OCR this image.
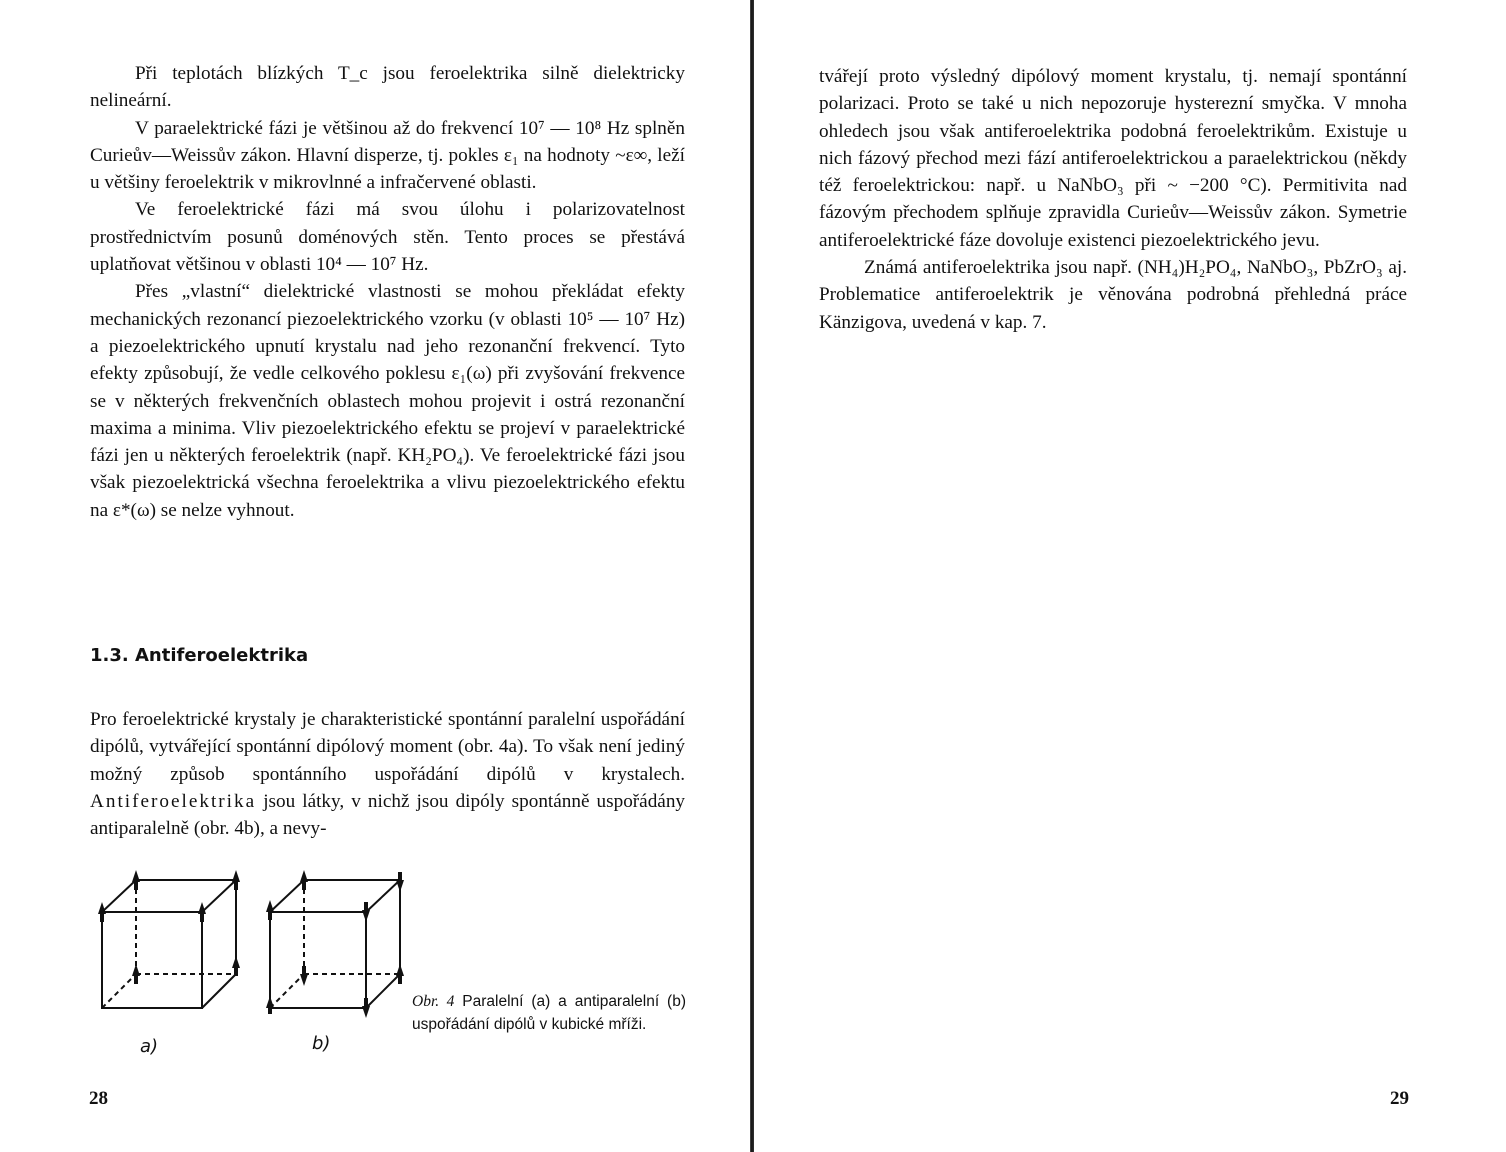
Při teplotách blízkých T_c jsou feroelektrika silně dielektricky nelineární.

V paraelektrické fázi je většinou až do frekvencí 10⁷ — 10⁸ Hz splněn Curieův—Weissův zákon. Hlavní disperze, tj. pokles ε₁ na hodnoty ~ε∞, leží u většiny feroelektrik v mikrovlnné a infračervené oblasti.

Ve feroelektrické fázi má svou úlohu i polarizovatelnost prostřednictvím posunů doménových stěn. Tento proces se přestává uplatňovat většinou v oblasti 10⁴ — 10⁷ Hz.

Přes „vlastní“ dielektrické vlastnosti se mohou překládat efekty mechanických rezonancí piezoelektrického vzorku (v oblasti 10⁵ — 10⁷ Hz) a piezoelektrického upnutí krystalu nad jeho rezonanční frekvencí. Tyto efekty způsobují, že vedle celkového poklesu ε₁(ω) při zvyšování frekvence se v některých frekvenčních oblastech mohou projevit i ostrá rezonanční maxima a minima. Vliv piezoelektrického efektu se projeví v paraelektrické fázi jen u některých feroelektrik (např. KH₂PO₄). Ve feroelektrické fázi jsou však piezoelektrická všechna feroelektrika a vlivu piezoelektrického efektu na ε*(ω) se nelze vyhnout.

1.3. Antiferoelektrika

Pro feroelektrické krystaly je charakteristické spontánní paralelní uspořádání dipólů, vytvářející spontánní dipólový moment (obr. 4a). To však není jediný možný způsob spontánního uspořádání dipólů v krystalech. Antiferoelektrika jsou látky, v nichž jsou dipóly spontánně uspořádány antiparalelně (obr. 4b), a nevy-

a)	b)
Obr. 4 Paralelní (a) a antiparalelní (b) uspořádání dipólů v kubické mříži.
28

tvářejí proto výsledný dipólový moment krystalu, tj. nemají spontánní polarizaci. Proto se také u nich nepozoruje hysterezní smyčka. V mnoha ohledech jsou však antiferoelektrika podobná feroelektrikům. Existuje u nich fázový přechod mezi fází antiferoelektrickou a paraelektrickou (někdy též feroelektrickou: např. u NaNbO₃ při ~ −200 °C). Permitivita nad fázovým přechodem splňuje zpravidla Curieův—Weissův zákon. Symetrie antiferoelektrické fáze dovoluje existenci piezoelektrického jevu.

Známá antiferoelektrika jsou např. (NH₄)H₂PO₄, NaNbO₃, PbZrO₃ aj. Problematice antiferoelektrik je věnována podrobná přehledná práce Känzigova, uvedená v kap. 7.

29
